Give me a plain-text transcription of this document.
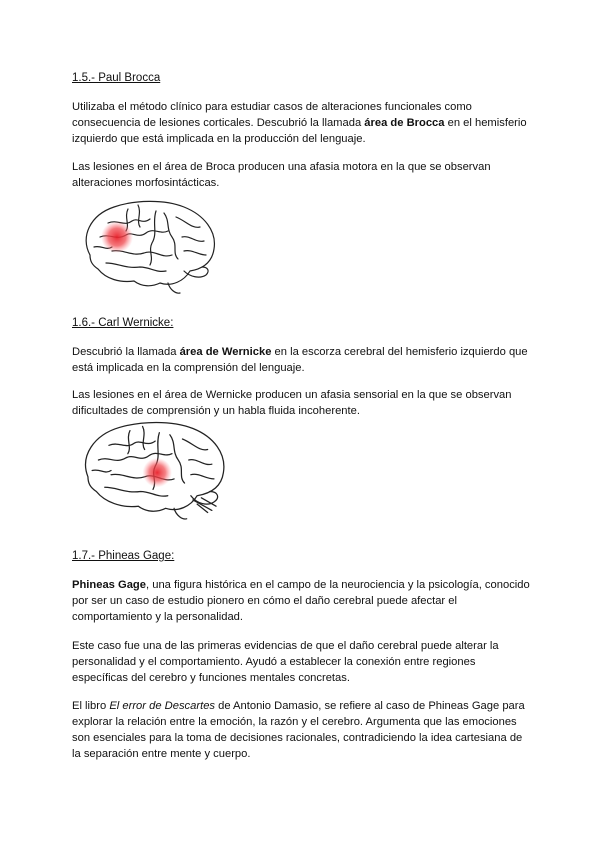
1.5.- Paul Brocca

Utilizaba el método clínico para estudiar casos de alteraciones funcionales como consecuencia de lesiones corticales. Descubrió la llamada área de Brocca en el hemisferio izquierdo que está implicada en la producción del lenguaje.

Las lesiones en el área de Broca producen una afasia motora en la que se observan alteraciones morfosintácticas.

1.6.- Carl Wernicke:

Descubrió la llamada área de Wernicke en la escorza cerebral del hemisferio izquierdo que está implicada en la comprensión del lenguaje.

Las lesiones en el área de Wernicke producen un afasia sensorial en la que se observan dificultades de comprensión y un habla fluida incoherente.

1.7.- Phineas Gage:

Phineas Gage, una figura histórica en el campo de la neurociencia y la psicología, conocido por ser un caso de estudio pionero en cómo el daño cerebral puede afectar el comportamiento y la personalidad.

Este caso fue una de las primeras evidencias de que el daño cerebral puede alterar la personalidad y el comportamiento. Ayudó a establecer la conexión entre regiones específicas del cerebro y funciones mentales concretas.

El libro El error de Descartes de Antonio Damasio, se refiere al caso de Phineas Gage para explorar la relación entre la emoción, la razón y el cerebro. Argumenta que las emociones son esenciales para la toma de decisiones racionales, contradiciendo la idea cartesiana de la separación entre mente y cuerpo.
